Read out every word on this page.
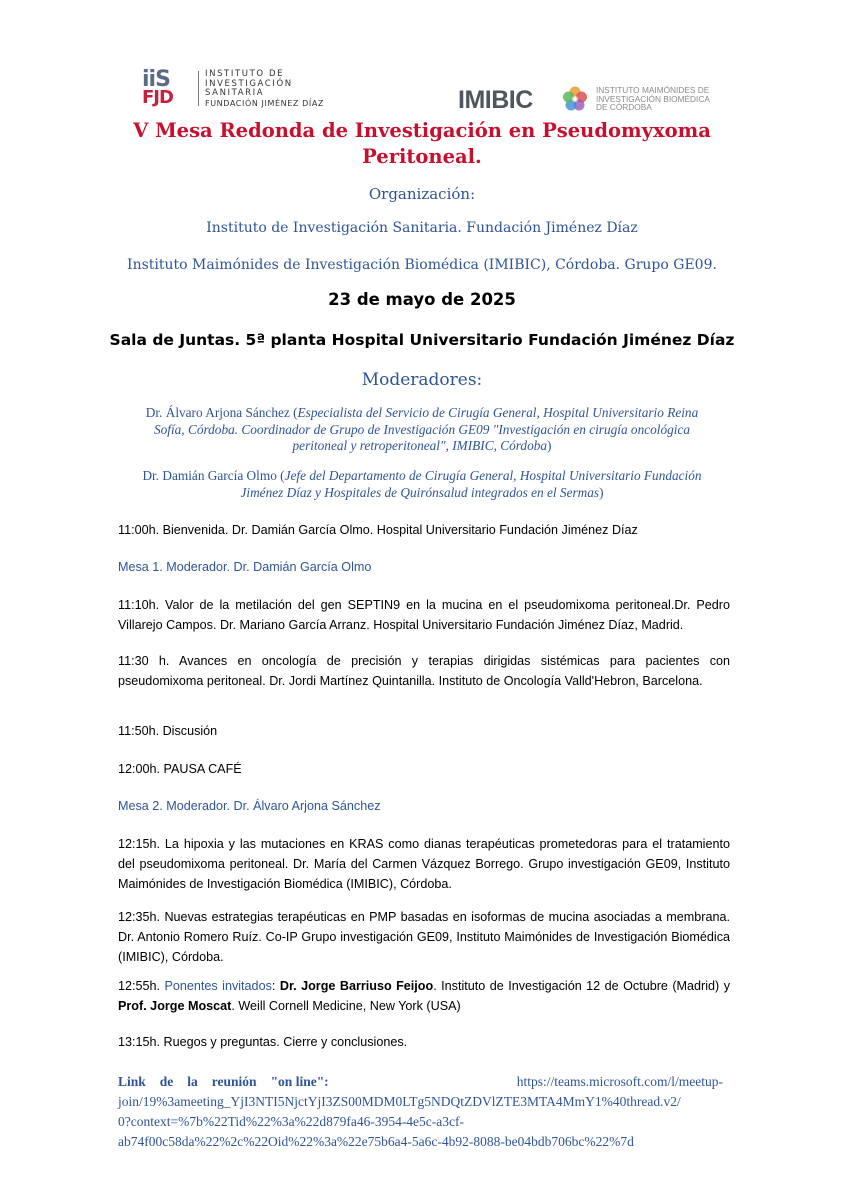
iiS
FJD
INSTITUTO DE
INVESTIGACIÓN
SANITARIA
FUNDACIÓN JIMÉNEZ DÍAZ	IMIBIC	INSTITUTO MAIMÓNIDES DE
INVESTIGACIÓN BIOMÉDICA
DE CÓRDOBA
V Mesa Redonda de Investigación en Pseudomyxoma
Peritoneal.
Organización:
Instituto de Investigación Sanitaria. Fundación Jiménez Díaz
Instituto Maimónides de Investigación Biomédica (IMIBIC), Córdoba. Grupo GE09.
23 de mayo de 2025
Sala de Juntas. 5ª planta Hospital Universitario Fundación Jiménez Díaz
Moderadores:
Dr. Álvaro Arjona Sánchez (Especialista del Servicio de Cirugía General, Hospital Universitario Reina
Sofía, Córdoba. Coordinador de Grupo de Investigación GE09 "Investigación en cirugía oncológica
peritoneal y retroperitoneal", IMIBIC, Córdoba)
Dr. Damián García Olmo (Jefe del Departamento de Cirugía General, Hospital Universitario Fundación
Jiménez Díaz y Hospitales de Quirónsalud integrados en el Sermas)
11:00h. Bienvenida. Dr. Damián García Olmo. Hospital Universitario Fundación Jiménez Díaz
Mesa 1. Moderador. Dr. Damián García Olmo
11:10h. Valor de la metilación del gen SEPTIN9 en la mucina en el pseudomixoma peritoneal.Dr. Pedro Villarejo Campos. Dr. Mariano García Arranz. Hospital Universitario Fundación Jiménez Díaz, Madrid.
11:30 h. Avances en oncología de precisión y terapias dirigidas sistémicas para pacientes con pseudomixoma peritoneal. Dr. Jordi Martínez Quintanilla. Instituto de Oncología Valld'Hebron, Barcelona.
11:50h. Discusión
12:00h. PAUSA CAFÉ
Mesa 2. Moderador. Dr. Álvaro Arjona Sánchez
12:15h. La hipoxia y las mutaciones en KRAS como dianas terapéuticas prometedoras para el tratamiento del pseudomixoma peritoneal. Dr. María del Carmen Vázquez Borrego. Grupo investigación GE09, Instituto Maimónides de Investigación Biomédica (IMIBIC), Córdoba.
12:35h. Nuevas estrategias terapéuticas en PMP basadas en isoformas de mucina asociadas a membrana. Dr. Antonio Romero Ruíz. Co-IP Grupo investigación GE09, Instituto Maimónides de Investigación Biomédica (IMIBIC), Córdoba.
12:55h. Ponentes invitados: Dr. Jorge Barriuso Feijoo. Instituto de Investigación 12 de Octubre (Madrid) y Prof. Jorge Moscat. Weill Cornell Medicine, New York (USA)
13:15h. Ruegos y preguntas. Cierre y conclusiones.
Link de la reunión "on line":	https://teams.microsoft.com/l/meetup-
join/19%3ameeting_YjI3NTI5NjctYjI3ZS00MDM0LTg5NDQtZDVlZTE3MTA4MmY1%40thread.v2/
0?context=%7b%22Tid%22%3a%22d879fa46-3954-4e5c-a3cf-
ab74f00c58da%22%2c%22Oid%22%3a%22e75b6a4-5a6c-4b92-8088-be04bdb706bc%22%7d
